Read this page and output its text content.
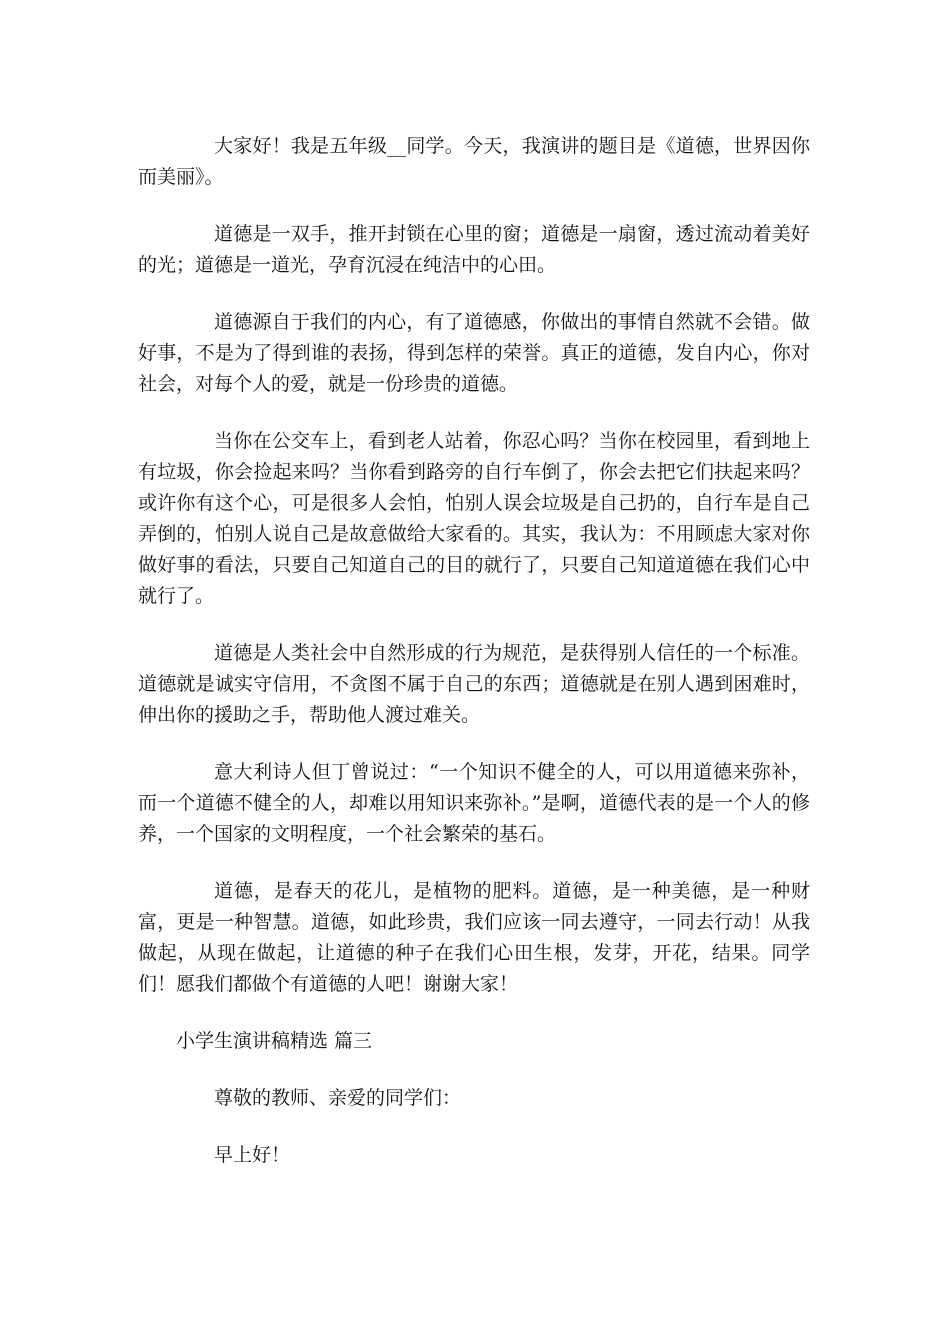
大家好！我是五年级__同学。今天，我演讲的题目是《道德，世界因你而美丽》。

道德是一双手，推开封锁在心里的窗；道德是一扇窗，透过流动着美好的光；道德是一道光，孕育沉浸在纯洁中的心田。

道德源自于我们的内心，有了道德感，你做出的事情自然就不会错。做好事，不是为了得到谁的表扬，得到怎样的荣誉。真正的道德，发自内心，你对社会，对每个人的爱，就是一份珍贵的道德。

当你在公交车上，看到老人站着，你忍心吗？当你在校园里，看到地上有垃圾，你会捡起来吗？当你看到路旁的自行车倒了，你会去把它们扶起来吗？或许你有这个心，可是很多人会怕，怕别人误会垃圾是自己扔的，自行车是自己弄倒的，怕别人说自己是故意做给大家看的。其实，我认为：不用顾虑大家对你做好事的看法，只要自己知道自己的目的就行了，只要自己知道道德在我们心中就行了。

道德是人类社会中自然形成的行为规范，是获得别人信任的一个标准。道德就是诚实守信用，不贪图不属于自己的东西；道德就是在别人遇到困难时，伸出你的援助之手，帮助他人渡过难关。

意大利诗人但丁曾说过：“一个知识不健全的人，可以用道德来弥补，而一个道德不健全的人，却难以用知识来弥补。”是啊，道德代表的是一个人的修养，一个国家的文明程度，一个社会繁荣的基石。

道德，是春天的花儿，是植物的肥料。道德，是一种美德，是一种财富，更是一种智慧。道德，如此珍贵，我们应该一同去遵守，一同去行动！从我做起，从现在做起，让道德的种子在我们心田生根，发芽，开花，结果。同学们！愿我们都做个有道德的人吧！谢谢大家！

小学生演讲稿精选 篇三

尊敬的教师、亲爱的同学们：

早上好！
